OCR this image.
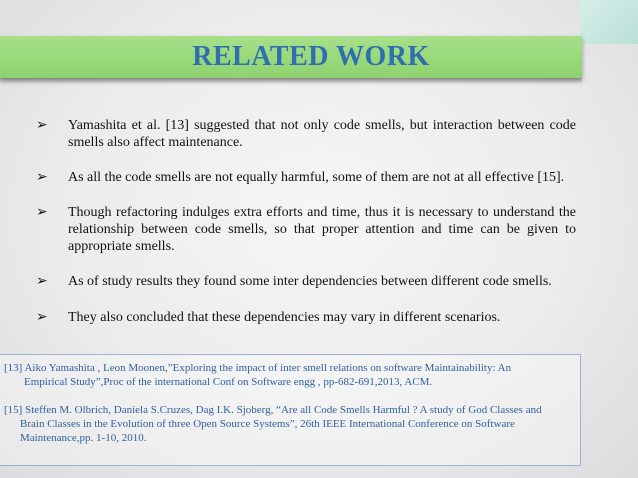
RELATED WORK
➢	Yamashita et al. [13] suggested that not only code smells, but interaction between code smells also affect maintenance.
➢	As all the code smells are not equally harmful, some of them are not at all effective [15].
➢	Though refactoring indulges extra efforts and time, thus it is necessary to understand the relationship between code smells, so that proper attention and time can be given to appropriate smells.
➢	As of study results they found some inter dependencies between different code smells.
➢	They also concluded that these dependencies may vary in different scenarios.

[13] Aiko Yamashita , Leon Moonen,”Exploring the impact of inter smell relations on software Maintainability: An
Empirical Study”,Proc of the international Conf on Software engg , pp-682-691,2013, ACM.

[15] Steffen M. Olbrich, Daniela S.Cruzes, Dag I.K. Sjoberg, “Are all Code Smells Harmful ? A study of God Classes and
Brain Classes in the Evolution of three Open Source Systems”, 26th IEEE International Conference on Software
Maintenance,pp. 1-10, 2010.
